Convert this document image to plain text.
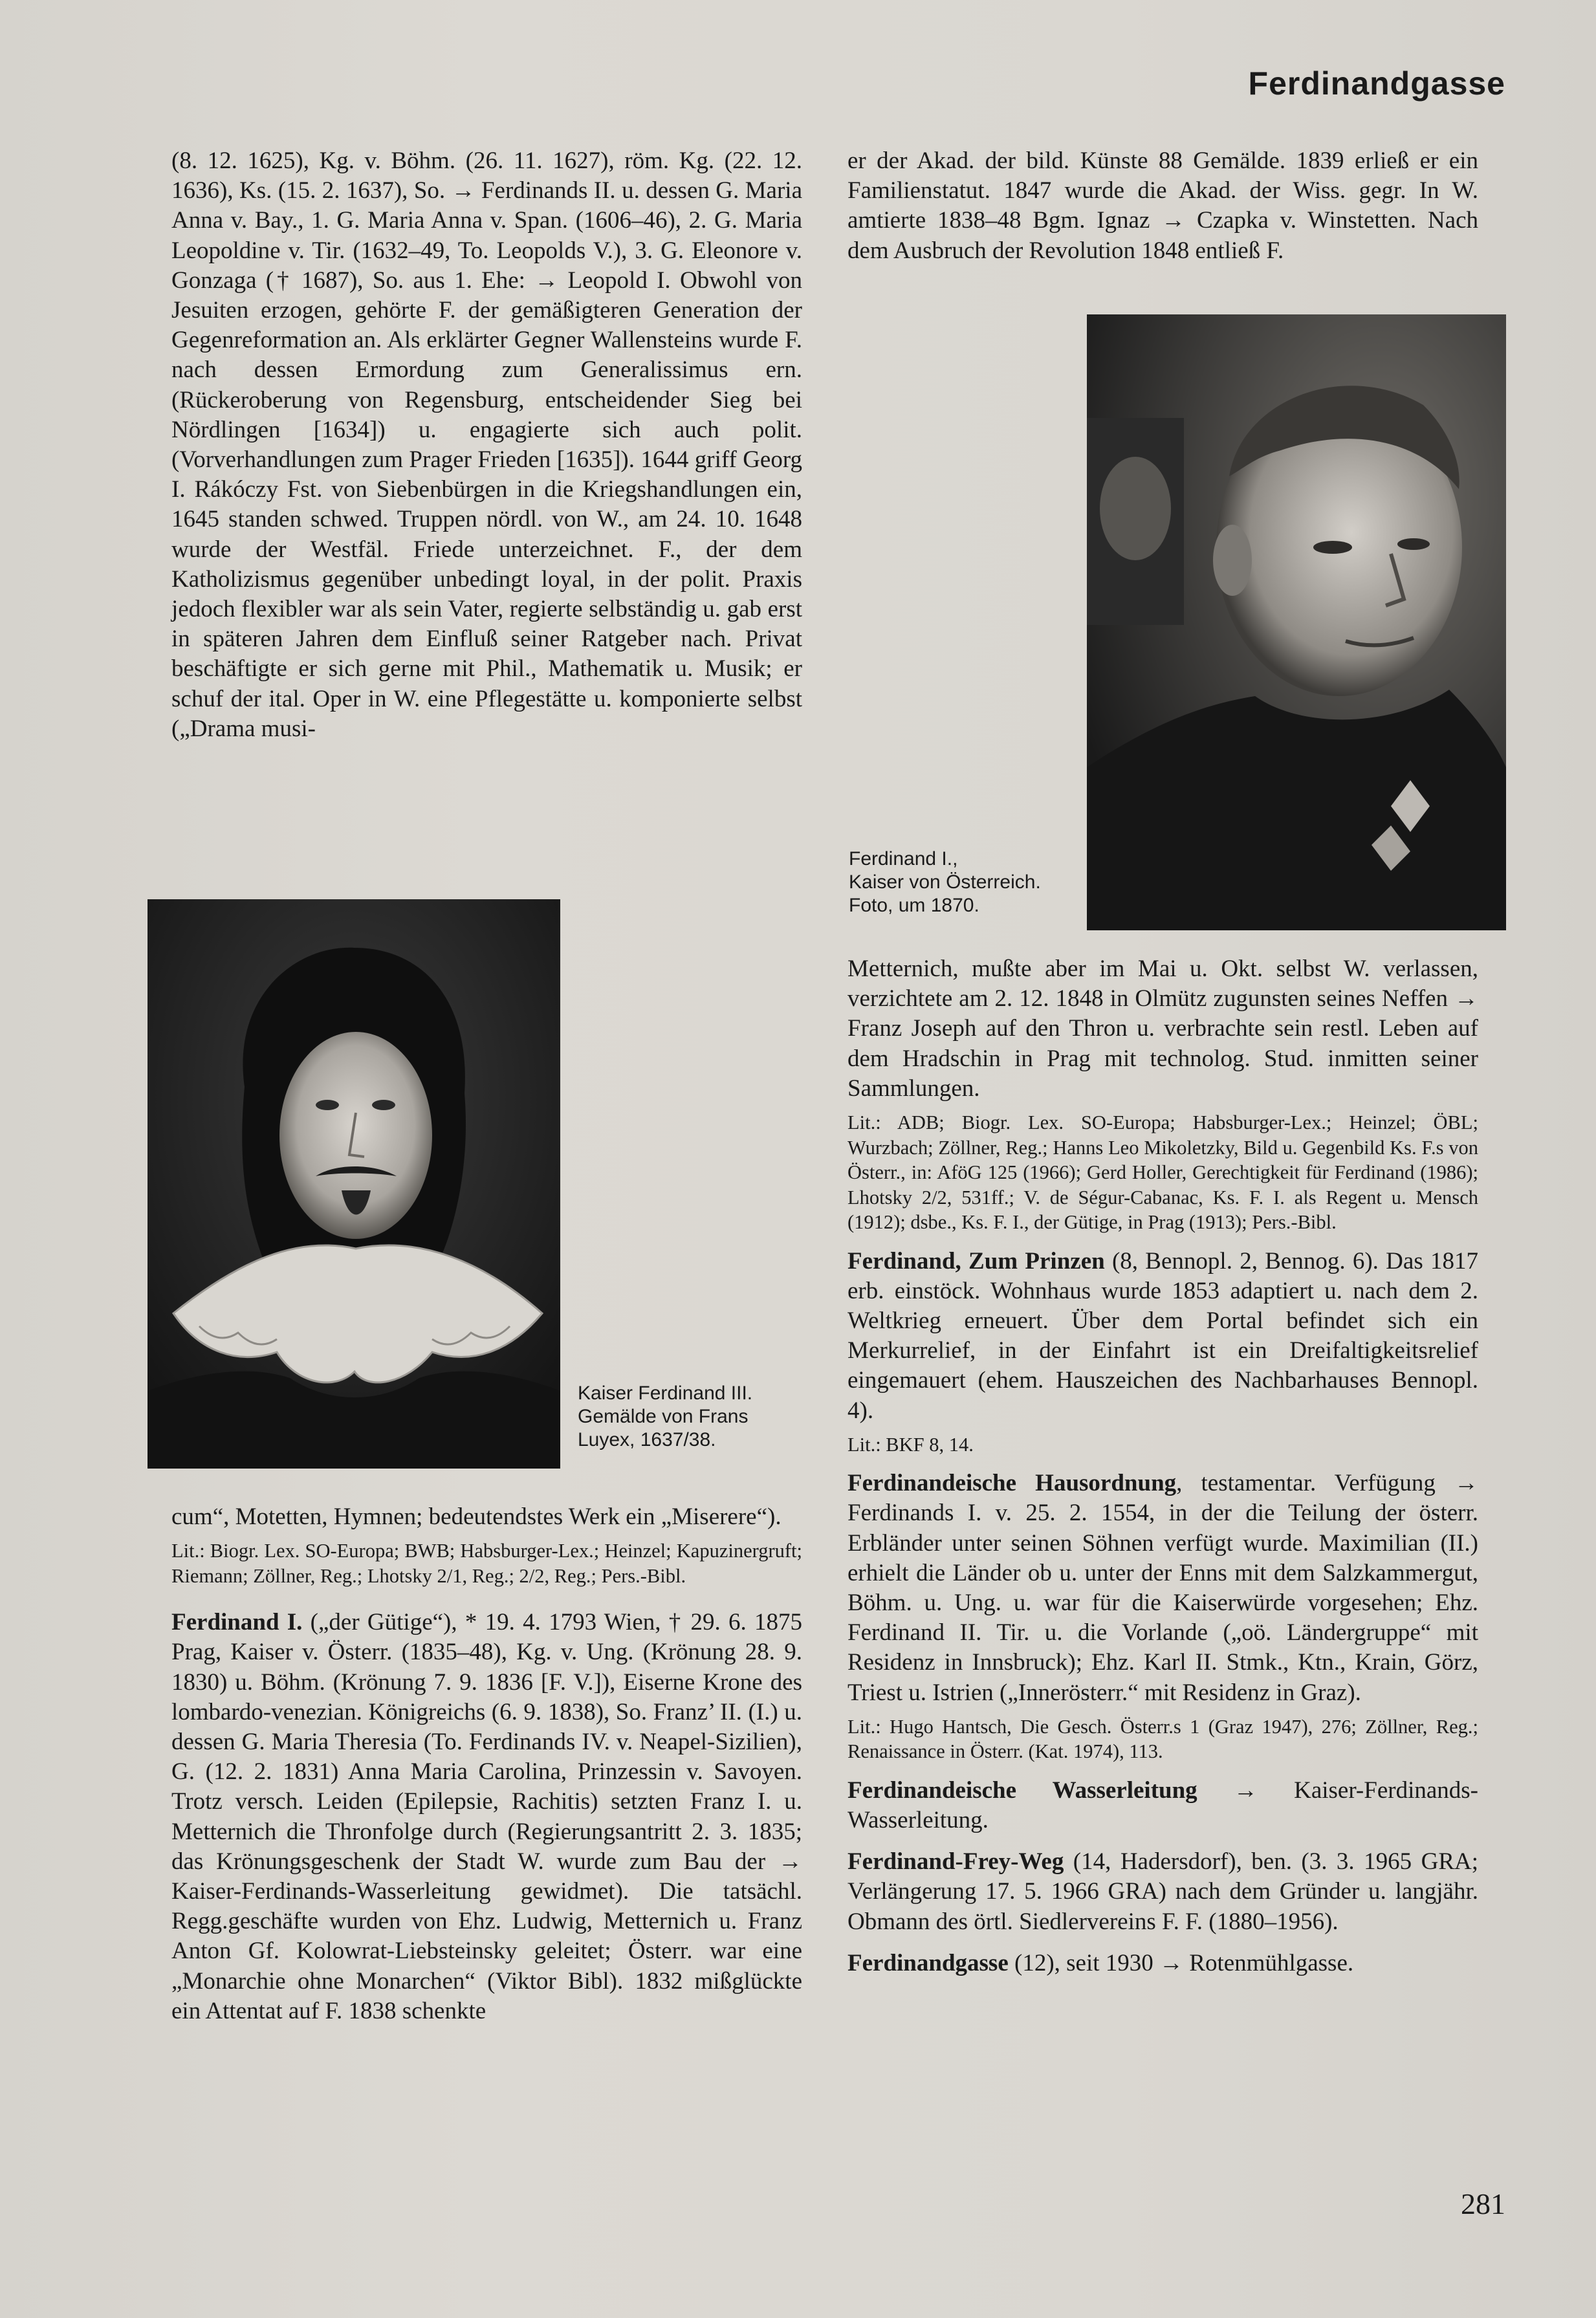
Ferdinandgasse

(8. 12. 1625), Kg. v. Böhm. (26. 11. 1627), röm. Kg. (22. 12. 1636), Ks. (15. 2. 1637), So. → Ferdinands II. u. dessen G. Maria Anna v. Bay., 1. G. Maria Anna v. Span. (1606–46), 2. G. Maria Leopoldine v. Tir. (1632–49, To. Leopolds V.), 3. G. Eleonore v. Gonzaga († 1687), So. aus 1. Ehe: → Leopold I. Obwohl von Jesuiten erzogen, gehörte F. der gemäßigteren Generation der Gegenreformation an. Als erklärter Gegner Wallensteins wurde F. nach dessen Ermordung zum Generalissimus ern. (Rückeroberung von Regensburg, entscheidender Sieg bei Nördlingen [1634]) u. engagierte sich auch polit. (Vorverhandlungen zum Prager Frieden [1635]). 1644 griff Georg I. Rákóczy Fst. von Siebenbürgen in die Kriegshandlungen ein, 1645 standen schwed. Truppen nördl. von W., am 24. 10. 1648 wurde der Westfäl. Friede unterzeichnet. F., der dem Katholizismus gegenüber unbedingt loyal, in der polit. Praxis jedoch flexibler war als sein Vater, regierte selbständig u. gab erst in späteren Jahren dem Einfluß seiner Ratgeber nach. Privat beschäftigte er sich gerne mit Phil., Mathematik u. Musik; er schuf der ital. Oper in W. eine Pflegestätte u. komponierte selbst („Drama musi-

Kaiser Ferdinand III.
Gemälde von Frans
Luyex, 1637/38.

cum“, Motetten, Hymnen; bedeutendstes Werk ein „Miserere“).

Lit.: Biogr. Lex. SO-Europa; BWB; Habsburger-Lex.; Heinzel; Kapuzinergruft; Riemann; Zöllner, Reg.; Lhotsky 2/1, Reg.; 2/2, Reg.; Pers.-Bibl.

Ferdinand I. („der Gütige“), * 19. 4. 1793 Wien, † 29. 6. 1875 Prag, Kaiser v. Österr. (1835–48), Kg. v. Ung. (Krönung 28. 9. 1830) u. Böhm. (Krönung 7. 9. 1836 [F. V.]), Eiserne Krone des lombardo-venezian. Königreichs (6. 9. 1838), So. Franz’ II. (I.) u. dessen G. Maria Theresia (To. Ferdinands IV. v. Neapel-Sizilien), G. (12. 2. 1831) Anna Maria Carolina, Prinzessin v. Savoyen. Trotz versch. Leiden (Epilepsie, Rachitis) setzten Franz I. u. Metternich die Thronfolge durch (Regierungsantritt 2. 3. 1835; das Krönungsgeschenk der Stadt W. wurde zum Bau der → Kaiser-Ferdinands-Wasserleitung gewidmet). Die tatsächl. Regg.geschäfte wurden von Ehz. Ludwig, Metternich u. Franz Anton Gf. Kolowrat-Liebsteinsky geleitet; Österr. war eine „Monarchie ohne Monarchen“ (Viktor Bibl). 1832 mißglückte ein Attentat auf F. 1838 schenkte

er der Akad. der bild. Künste 88 Gemälde. 1839 erließ er ein Familienstatut. 1847 wurde die Akad. der Wiss. gegr. In W. amtierte 1838–48 Bgm. Ignaz → Czapka v. Winstetten. Nach dem Ausbruch der Revolution 1848 entließ F.

Ferdinand I.,
Kaiser von Österreich.
Foto, um 1870.

Metternich, mußte aber im Mai u. Okt. selbst W. verlassen, verzichtete am 2. 12. 1848 in Olmütz zugunsten seines Neffen → Franz Joseph auf den Thron u. verbrachte sein restl. Leben auf dem Hradschin in Prag mit technolog. Stud. inmitten seiner Sammlungen.

Lit.: ADB; Biogr. Lex. SO-Europa; Habsburger-Lex.; Heinzel; ÖBL; Wurzbach; Zöllner, Reg.; Hanns Leo Mikoletzky, Bild u. Gegenbild Ks. F.s von Österr., in: AföG 125 (1966); Gerd Holler, Gerechtigkeit für Ferdinand (1986); Lhotsky 2/2, 531ff.; V. de Ségur-Cabanac, Ks. F. I. als Regent u. Mensch (1912); dsbe., Ks. F. I., der Gütige, in Prag (1913); Pers.-Bibl.

Ferdinand, Zum Prinzen (8, Bennopl. 2, Bennog. 6). Das 1817 erb. einstöck. Wohnhaus wurde 1853 adaptiert u. nach dem 2. Weltkrieg erneuert. Über dem Portal befindet sich ein Merkurrelief, in der Einfahrt ist ein Dreifaltigkeitsrelief eingemauert (ehem. Hauszeichen des Nachbarhauses Bennopl. 4).

Lit.: BKF 8, 14.

Ferdinandeische Hausordnung, testamentar. Verfügung → Ferdinands I. v. 25. 2. 1554, in der die Teilung der österr. Erbländer unter seinen Söhnen verfügt wurde. Maximilian (II.) erhielt die Länder ob u. unter der Enns mit dem Salzkammergut, Böhm. u. Ung. u. war für die Kaiserwürde vorgesehen; Ehz. Ferdinand II. Tir. u. die Vorlande („oö. Ländergruppe“ mit Residenz in Innsbruck); Ehz. Karl II. Stmk., Ktn., Krain, Görz, Triest u. Istrien („Innerösterr.“ mit Residenz in Graz).

Lit.: Hugo Hantsch, Die Gesch. Österr.s 1 (Graz 1947), 276; Zöllner, Reg.; Renaissance in Österr. (Kat. 1974), 113.

Ferdinandeische Wasserleitung → Kaiser-Ferdinands-Wasserleitung.

Ferdinand-Frey-Weg (14, Hadersdorf), ben. (3. 3. 1965 GRA; Verlängerung 17. 5. 1966 GRA) nach dem Gründer u. langjähr. Obmann des örtl. Siedlervereins F. F. (1880–1956).

Ferdinandgasse (12), seit 1930 → Rotenmühlgasse.

281
